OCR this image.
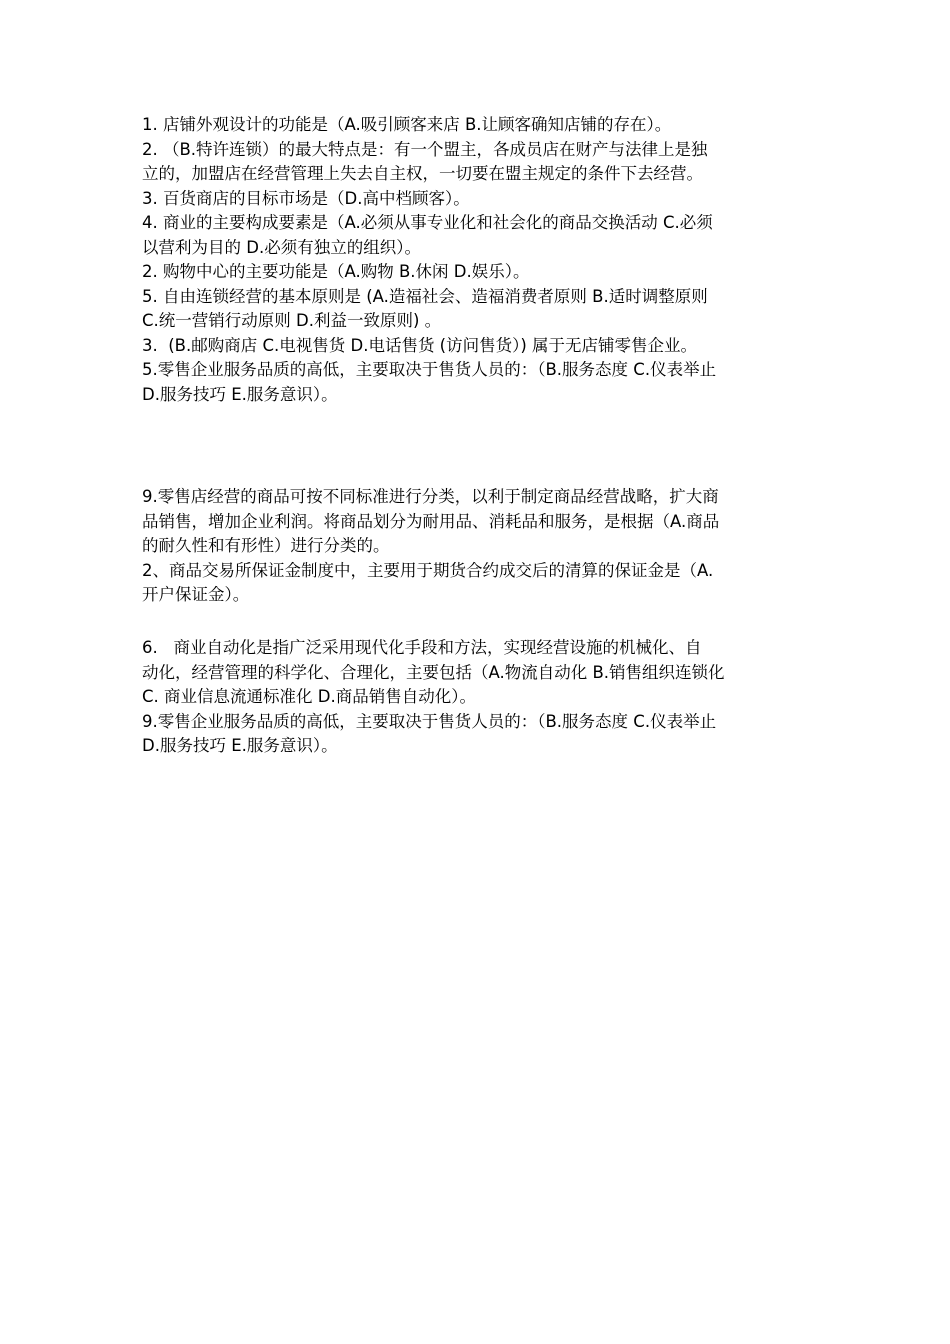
1. 店铺外观设计的功能是（A.吸引顾客来店 B.让顾客确知店铺的存在）。
2. （B.特许连锁）的最大特点是：有一个盟主，各成员店在财产与法律上是独
立的，加盟店在经营管理上失去自主权，一切要在盟主规定的条件下去经营。
3. 百货商店的目标市场是（D.高中档顾客）。
4. 商业的主要构成要素是（A.必须从事专业化和社会化的商品交换活动 C.必须
以营利为目的 D.必须有独立的组织）。
2. 购物中心的主要功能是（A.购物 B.休闲 D.娱乐）。
5. 自由连锁经营的基本原则是 (A.造福社会、造福消费者原则 B.适时调整原则
C.统一营销行动原则 D.利益一致原则) 。
3.  (B.邮购商店 C.电视售货 D.电话售货 (访问售货）) 属于无店铺零售企业。
5.零售企业服务品质的高低，主要取决于售货人员的：（B.服务态度 C.仪表举止
D.服务技巧 E.服务意识）。
9.零售店经营的商品可按不同标准进行分类，以利于制定商品经营战略，扩大商
品销售，增加企业利润。将商品划分为耐用品、消耗品和服务，是根据（A.商品
的耐久性和有形性）进行分类的。
2、商品交易所保证金制度中，主要用于期货合约成交后的清算的保证金是（A.
开户保证金）。
6.   商业自动化是指广泛采用现代化手段和方法，实现经营设施的机械化、自
动化，经营管理的科学化、合理化，主要包括（A.物流自动化 B.销售组织连锁化
C. 商业信息流通标准化 D.商品销售自动化）。
9.零售企业服务品质的高低，主要取决于售货人员的：（B.服务态度 C.仪表举止
D.服务技巧 E.服务意识）。
